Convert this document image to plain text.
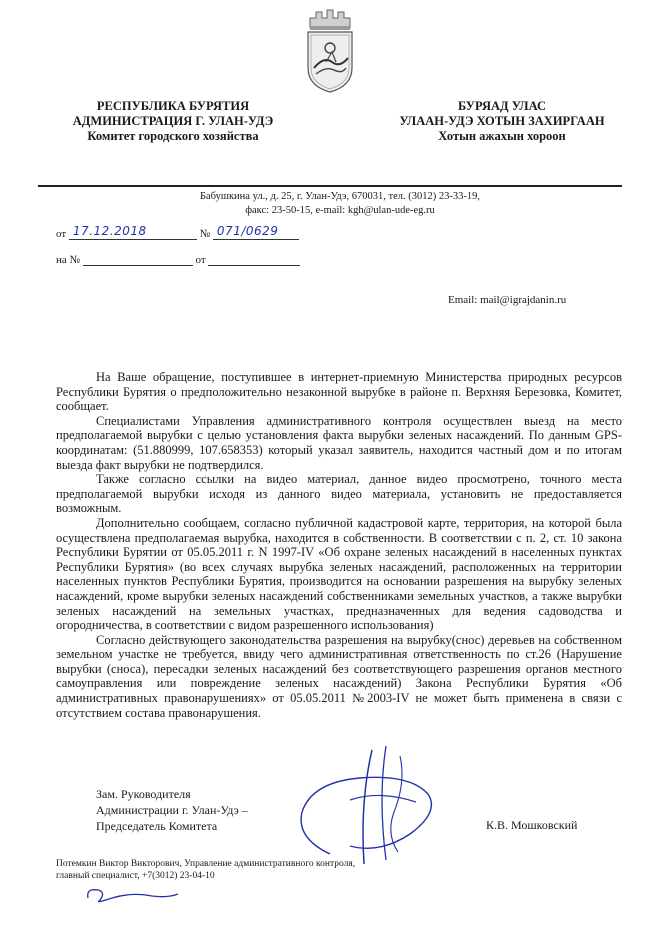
РЕСПУБЛИКА БУРЯТИЯ
АДМИНИСТРАЦИЯ Г. УЛАН-УДЭ
Комитет городского хозяйства
БУРЯАД УЛАС
УЛААН-УДЭ ХОТЫН ЗАХИРГААН
Хотын ажахын хороон
Бабушкина ул., д. 25, г. Улан-Удэ, 670031, тел. (3012) 23-33-19,
факс: 23-50-15, e-mail: kgh@ulan-ude-eg.ru
от 17.12.2018	№ 071/0629
на №	от
Email: mail@igrajdanin.ru

На Ваше обращение, поступившее в интернет-приемную Министерства природных ресурсов Республики Бурятия о предположительно незаконной вырубке в районе п. Верхняя Березовка, Комитет, сообщает.

Специалистами Управления административного контроля осуществлен выезд на место предполагаемой вырубки с целью установления факта вырубки зеленых насаждений. По данным GPS-координатам: (51.880999, 107.658353) который указал заявитель, находится частный дом и по итогам выезда факт вырубки не подтвердился.

Также согласно ссылки на видео материал, данное видео просмотрено, точного места предполагаемой вырубки исходя из данного видео материала, установить не предоставляется возможным.

Дополнительно сообщаем, согласно публичной кадастровой карте, территория, на которой была осуществлена предполагаемая вырубка, находится в собственности. В соответствии с п. 2, ст. 10 закона Республики Бурятии от 05.05.2011 г. N 1997-IV «Об охране зеленых насаждений в населенных пунктах Республики Бурятия» (во всех случаях вырубка зеленых насаждений, расположенных на территории населенных пунктов Республики Бурятия, производится на основании разрешения на вырубку зеленых насаждений, кроме вырубки зеленых насаждений собственниками земельных участков, а также вырубки зеленых насаждений на земельных участках, предназначенных для ведения садоводства и огородничества, в соответствии с видом разрешенного использования)

Согласно действующего законодательства разрешения на вырубку(снос) деревьев на собственном земельном участке не требуется, ввиду чего административная ответственность по ст.26 (Нарушение вырубки (сноса), пересадки зеленых насаждений без соответствующего разрешения органов местного самоуправления или повреждение зеленых насаждений) Закона Республики Бурятия «Об административных правонарушениях» от 05.05.2011 №2003-IV не может быть применена в связи с отсутствием состава правонарушения.

Зам. Руководителя
Администрации г. Улан-Удэ –
Председатель Комитета	К.В. Мошковский
Потемкин Виктор Викторович, Управление административного контроля,
главный специалист, +7(3012) 23-04-10
